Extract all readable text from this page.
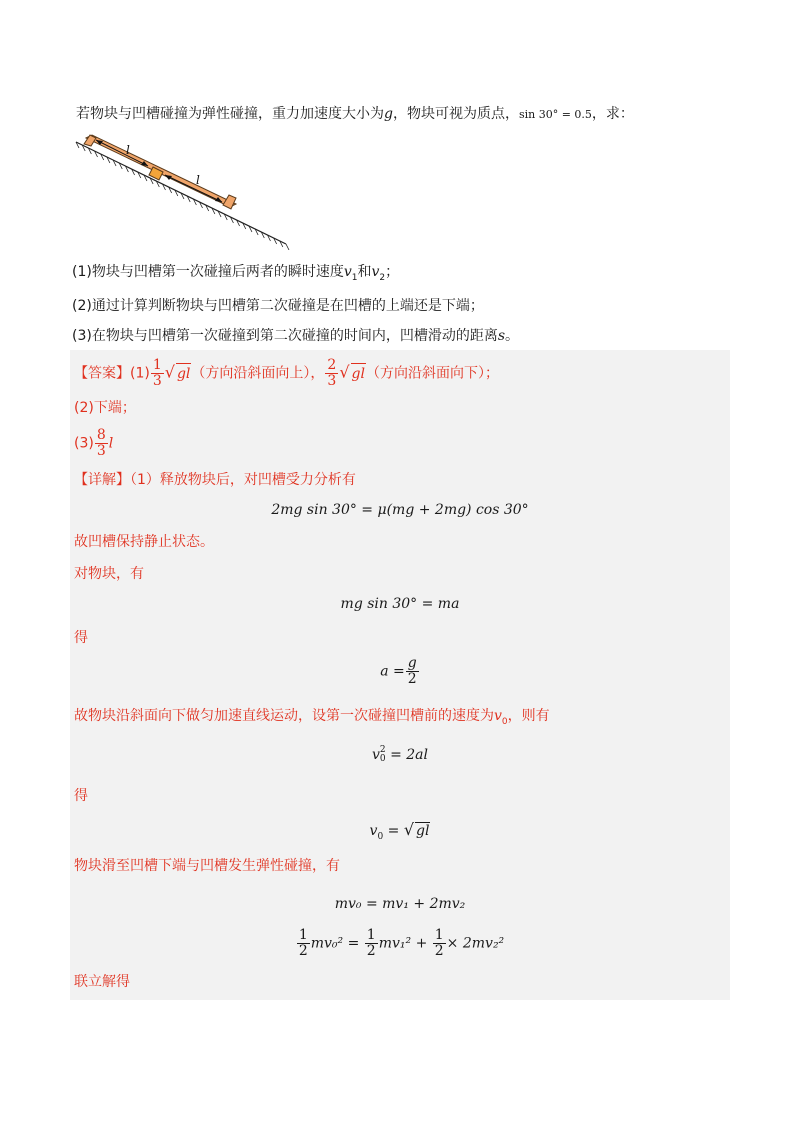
若物块与凹槽碰撞为弹性碰撞，重力加速度大小为g，物块可视为质点，sin 30° = 0.5，求：
l
l
(1)物块与凹槽第一次碰撞后两者的瞬时速度$v_1$和$v_2$；
(2)通过计算判断物块与凹槽第二次碰撞是在凹槽的上端还是下端；
(3)在物块与凹槽第一次碰撞到第二次碰撞的时间内，凹槽滑动的距离s。
【答案】$(1) \frac{1}{3}$ √ gl（方向沿斜面向上）， $\frac{2}{3}$ √ gl（方向沿斜面向下）；
(2)下端；
$(3) \frac{8}{3}$ l
【详解】（1）释放物块后，对凹槽受力分析有
2mg sin 30° = μ(mg + 2mg) cos 30°
故凹槽保持静止状态。
对物块，有
mg sin 30° = ma
得
$a = \frac{g}{2}$
故物块沿斜面向下做匀加速直线运动，设第一次碰撞凹槽前的速度为$v_0$，则有
v 2
0 = 2al
得
$v_0$ = √ gl
物块滑至凹槽下端与凹槽发生弹性碰撞，有
mv₀ = mv₁ + 2mv₂
$\frac{1}{2} mv_0^2 = \frac{1}{2} mv_1^2 + \frac{1}{2} \times 2mv_2^2$
联立解得
